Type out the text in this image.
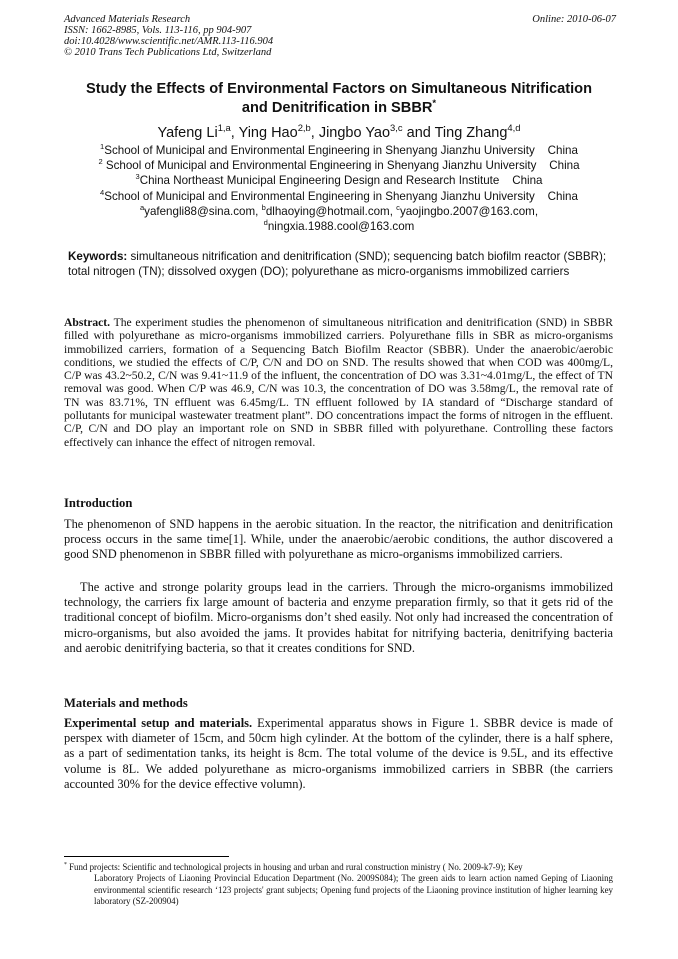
Advanced Materials Research
ISSN: 1662-8985, Vols. 113-116, pp 904-907
doi:10.4028/www.scientific.net/AMR.113-116.904
© 2010 Trans Tech Publications Ltd, Switzerland
Online: 2010-06-07
Study the Effects of Environmental Factors on Simultaneous Nitrification
and Denitrification in SBBR*
Yafeng Li$^{1,a}$, Ying Hao$^{2,b}$, Jingbo Yao$^{3,c}$ and Ting Zhang$^{4,d}$
$^1$School of Municipal and Environmental Engineering in Shenyang Jianzhu University    China
$^2$ School of Municipal and Environmental Engineering in Shenyang Jianzhu University    China
$^3$China Northeast Municipal Engineering Design and Research Institute    China
$^4$School of Municipal and Environmental Engineering in Shenyang Jianzhu University    China
$^a$yafengli88@sina.com, $^b$dlhaoying@hotmail.com, $^c$yaojingbo.2007@163.com,
$^d$ningxia.1988.cool@163.com
Keywords: simultaneous nitrification and denitrification (SND); sequencing batch biofilm reactor (SBBR); total nitrogen (TN); dissolved oxygen (DO); polyurethane as micro-organisms immobilized carriers
Abstract. The experiment studies the phenomenon of simultaneous nitrification and denitrification (SND) in SBBR filled with polyurethane as micro-organisms immobilized carriers. Polyurethane fills in SBR as micro-organisms immobilized carriers, formation of a Sequencing Batch Biofilm Reactor (SBBR). Under the anaerobic/aerobic conditions, we studied the effects of C/P, C/N and DO on SND. The results showed that when COD was 400mg/L, C/P was 43.2~50.2, C/N was 9.41~11.9 of the influent, the concentration of DO was 3.31~4.01mg/L, the effect of TN removal was good. When C/P was 46.9, C/N was 10.3, the concentration of DO was 3.58mg/L, the removal rate of TN was 83.71%, TN effluent was 6.45mg/L. TN effluent followed by IA standard of “Discharge standard of pollutants for municipal wastewater treatment plant”. DO concentrations impact the forms of nitrogen in the effluent. C/P, C/N and DO play an important role on SND in SBBR filled with polyurethane. Controlling these factors effectively can inhance the effect of nitrogen removal.
Introduction
The phenomenon of SND happens in the aerobic situation. In the reactor, the nitrification and denitrification process occurs in the same time[1]. While, under the anaerobic/aerobic conditions, the author discovered a good SND phenomenon in SBBR filled with polyurethane as micro-organisms immobilized carriers.
The active and stronge polarity groups lead in the carriers. Through the micro-organisms immobilized technology, the carriers fix large amount of bacteria and enzyme preparation firmly, so that it gets rid of the traditional concept of biofilm. Micro-organisms don’t shed easily. Not only had increased the concentration of micro-organisms, but also avoided the jams. It provides habitat for nitrifying bacteria, denitrifying bacteria and aerobic denitrifying bacteria, so that it creates conditions for SND.
Materials and methods
Experimental setup and materials. Experimental apparatus shows in Figure 1. SBBR device is made of perspex with diameter of 15cm, and 50cm high cylinder. At the bottom of the cylinder, there is a half sphere, as a part of sedimentation tanks, its height is 8cm. The total volume of the device is 9.5L, and its effective volume is 8L. We added polyurethane as micro-organisms immobilized carriers in SBBR (the carriers accounted 30% for the device effective volumn).
* Fund projects: Scientific and technological projects in housing and urban and rural construction ministry ( No. 2009-k7-9); Key
Laboratory Projects of Liaoning Provincial Education Department (No. 2009S084); The green aids to learn action named Geping of Liaoning environmental scientific research ‘123 projects' grant subjects; Opening fund projects of the Liaoning province institution of higher learning key laboratory (SZ-200904)
